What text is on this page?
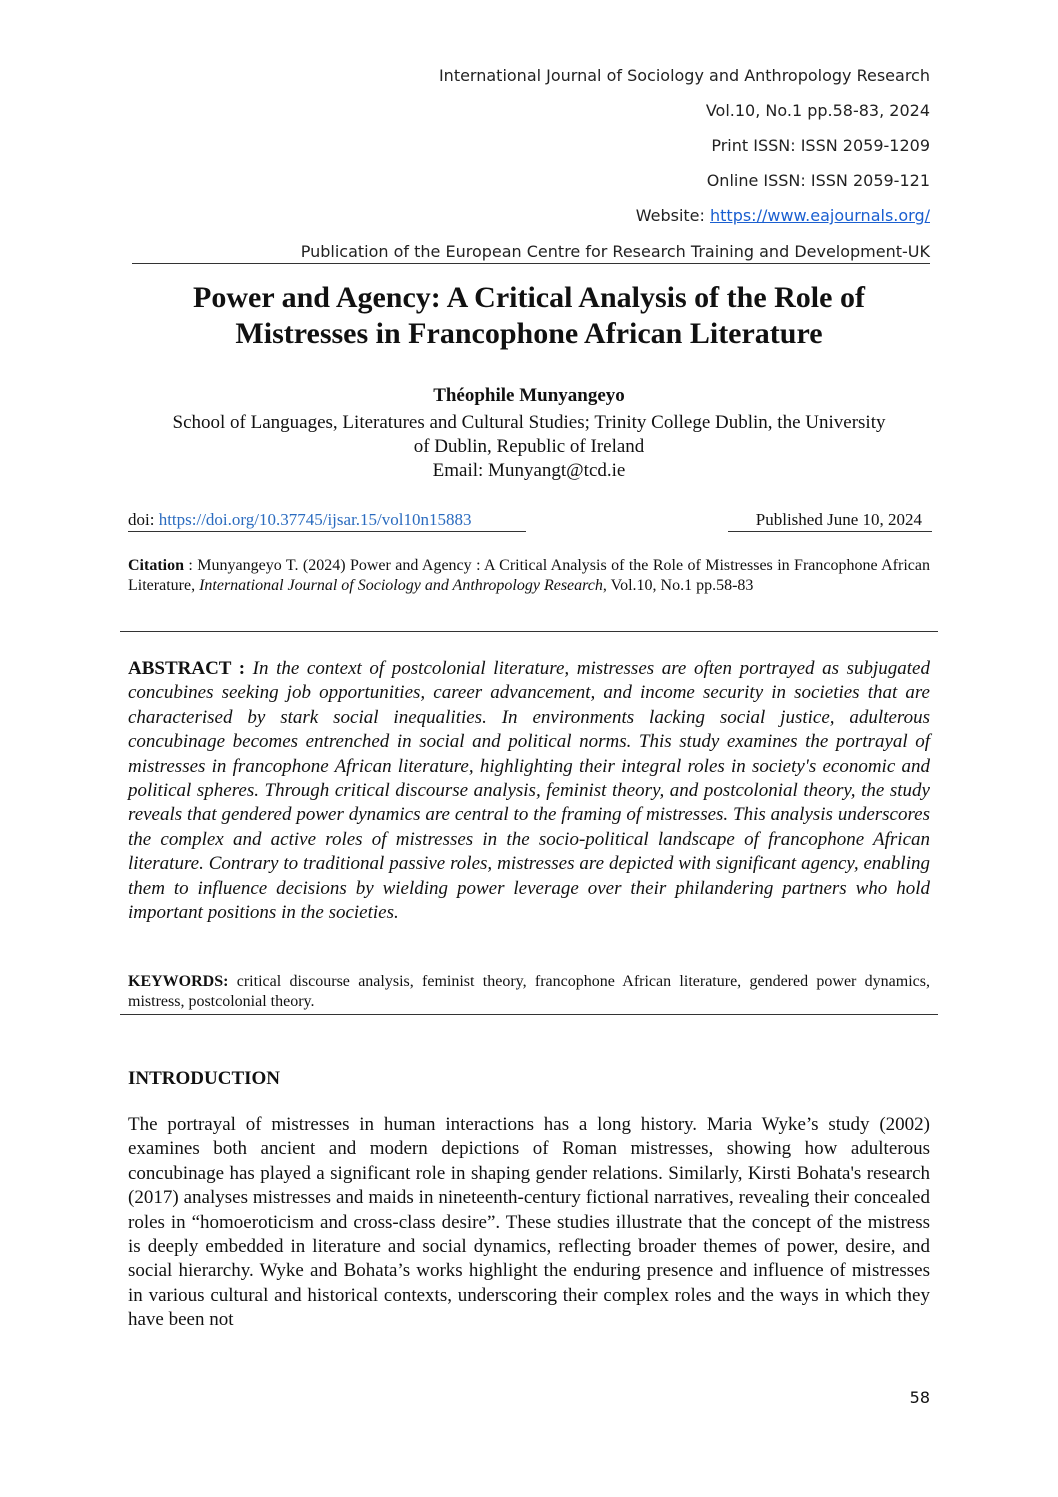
International Journal of Sociology and Anthropology Research
Vol.10, No.1 pp.58-83, 2024
Print ISSN: ISSN 2059-1209
Online ISSN: ISSN 2059-121
Website: https://www.eajournals.org/
Publication of the European Centre for Research Training and Development-UK
Power and Agency: A Critical Analysis of the Role of
Mistresses in Francophone African Literature
Théophile Munyangeyo
School of Languages, Literatures and Cultural Studies; Trinity College Dublin, the University
of Dublin, Republic of Ireland
Email: Munyangt@tcd.ie
doi: https://doi.org/10.37745/ijsar.15/vol10n15883	Published June 10, 2024
Citation : Munyangeyo T. (2024) Power and Agency : A Critical Analysis of the Role of Mistresses in Francophone African Literature, International Journal of Sociology and Anthropology Research, Vol.10, No.1 pp.58-83
ABSTRACT : In the context of postcolonial literature, mistresses are often portrayed as subjugated concubines seeking job opportunities, career advancement, and income security in societies that are characterised by stark social inequalities. In environments lacking social justice, adulterous concubinage becomes entrenched in social and political norms. This study examines the portrayal of mistresses in francophone African literature, highlighting their integral roles in society's economic and political spheres. Through critical discourse analysis, feminist theory, and postcolonial theory, the study reveals that gendered power dynamics are central to the framing of mistresses. This analysis underscores the complex and active roles of mistresses in the socio-political landscape of francophone African literature. Contrary to traditional passive roles, mistresses are depicted with significant agency, enabling them to influence decisions by wielding power leverage over their philandering partners who hold important positions in the societies.
KEYWORDS: critical discourse analysis, feminist theory, francophone African literature, gendered power dynamics, mistress, postcolonial theory.
INTRODUCTION
The portrayal of mistresses in human interactions has a long history. Maria Wyke’s study (2002) examines both ancient and modern depictions of Roman mistresses, showing how adulterous concubinage has played a significant role in shaping gender relations. Similarly, Kirsti Bohata's research (2017) analyses mistresses and maids in nineteenth-century fictional narratives, revealing their concealed roles in “homoeroticism and cross-class desire”. These studies illustrate that the concept of the mistress is deeply embedded in literature and social dynamics, reflecting broader themes of power, desire, and social hierarchy. Wyke and Bohata’s works highlight the enduring presence and influence of mistresses in various cultural and historical contexts, underscoring their complex roles and the ways in which they have been not
58
